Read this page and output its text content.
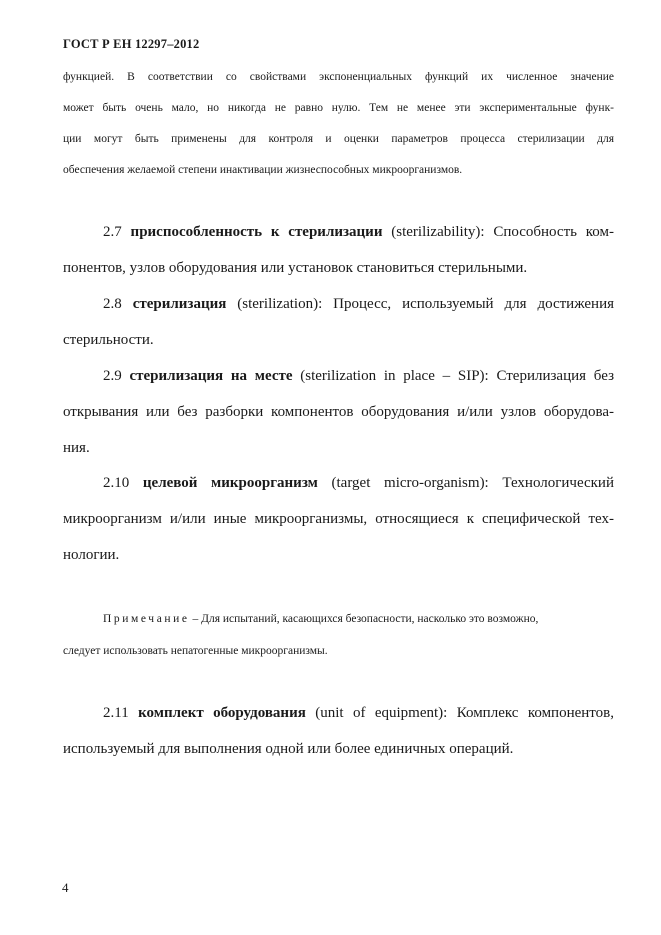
ГОСТ Р ЕН 12297–2012
функцией. В соответствии со свойствами экспоненциальных функций их численное значение
может быть очень мало, но никогда не равно нулю. Тем не менее эти экспериментальные функ-
ции могут быть применены для контроля и оценки параметров процесса стерилизации для
обеспечения желаемой степени инактивации жизнеспособных микроорганизмов.
2.7 приспособленность к стерилизации (sterilizability): Способность ком-
понентов, узлов оборудования или установок становиться стерильными.
2.8 стерилизация (sterilization): Процесс, используемый для достижения
стерильности.
2.9 стерилизация на месте (sterilization in place – SIP): Стерилизация без
открывания или без разборки компонентов оборудования и/или узлов оборудова-
ния.
2.10 целевой микроорганизм (target micro-organism): Технологический
микроорганизм и/или иные микроорганизмы, относящиеся к специфической тех-
нологии.
Примечание – Для испытаний, касающихся безопасности, насколько это возможно,
следует использовать непатогенные микроорганизмы.
2.11 комплект оборудования (unit of equipment): Комплекс компонентов,
используемый для выполнения одной или более единичных операций.
4
